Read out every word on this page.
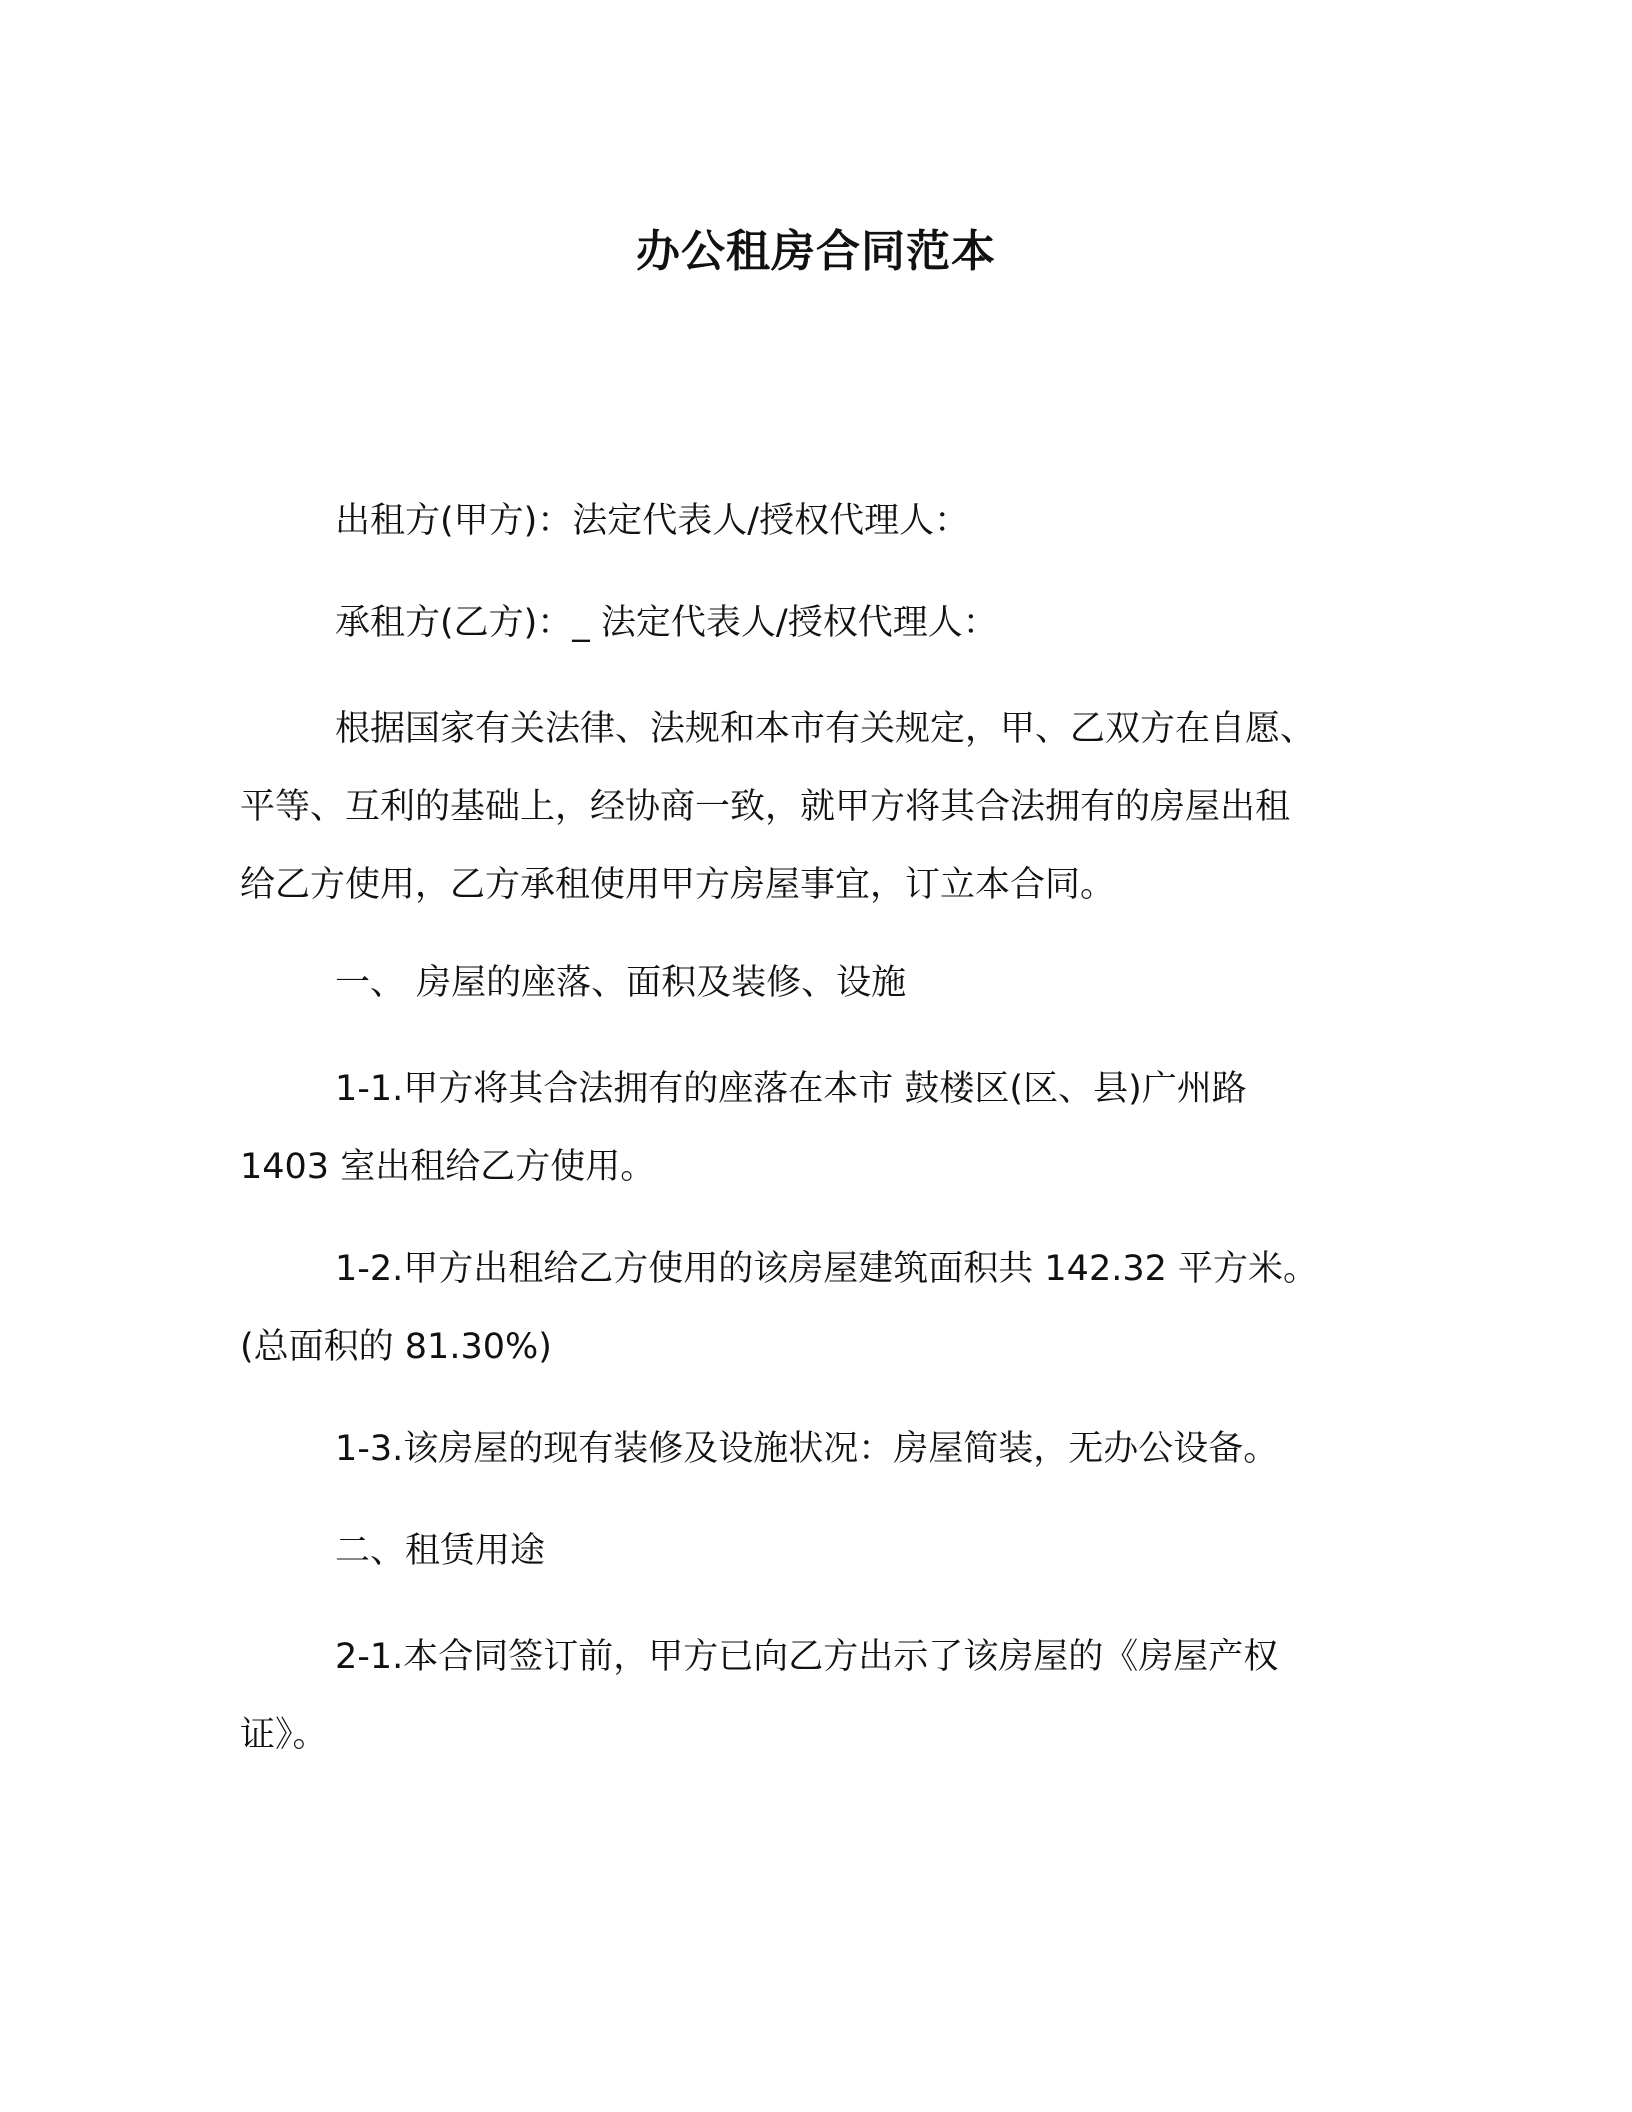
办公租房合同范本
出租方(甲方)：法定代表人/授权代理人：
承租方(乙方)：_ 法定代表人/授权代理人：
根据国家有关法律、法规和本市有关规定，甲、乙双方在自愿、
平等、互利的基础上，经协商一致，就甲方将其合法拥有的房屋出租
给乙方使用，乙方承租使用甲方房屋事宜，订立本合同。
一、 房屋的座落、面积及装修、设施
1-1.甲方将其合法拥有的座落在本市 鼓楼区(区、县)广州路
1403 室出租给乙方使用。
1-2.甲方出租给乙方使用的该房屋建筑面积共 142.32 平方米。
(总面积的 81.30%)
1-3.该房屋的现有装修及设施状况：房屋简装，无办公设备。
二、租赁用途
2-1.本合同签订前，甲方已向乙方出示了该房屋的《房屋产权
证》。
